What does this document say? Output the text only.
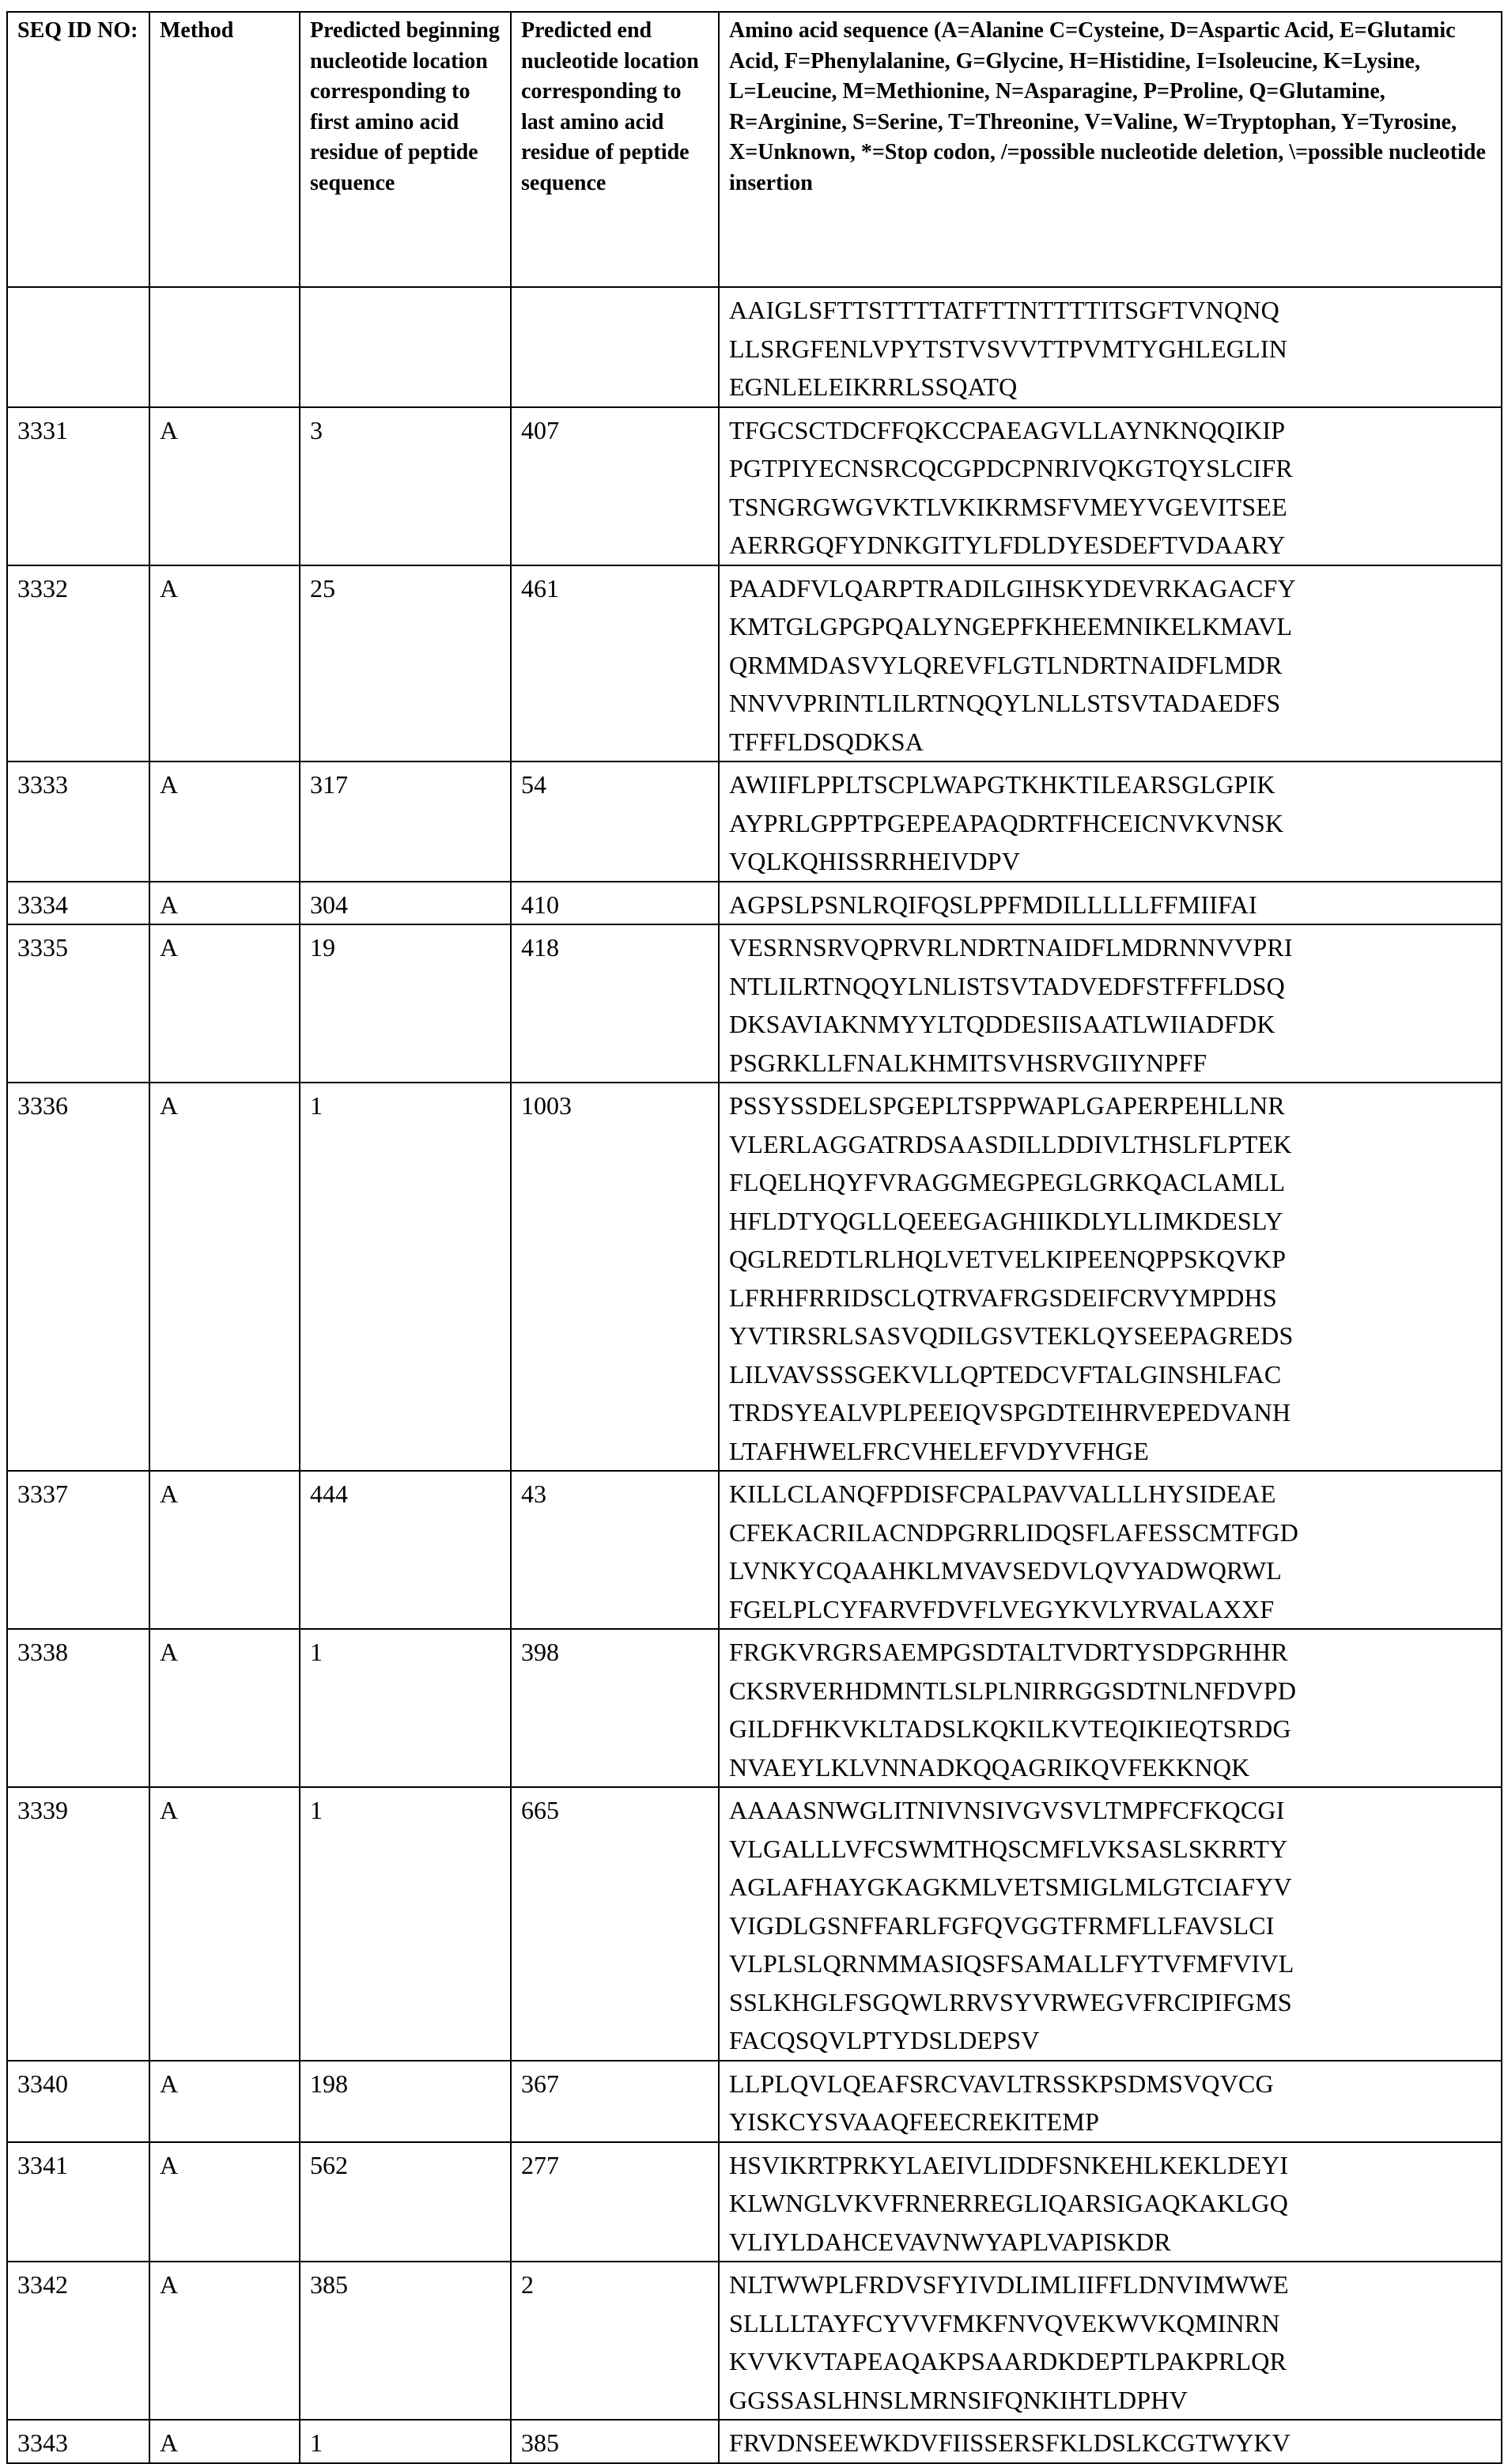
SEQ ID NO:	Method	Predicted beginning nucleotide location corresponding to first amino acid residue of peptide sequence	Predicted end nucleotide location corresponding to last amino acid residue of peptide sequence	Amino acid sequence (A=Alanine C=Cysteine, D=Aspartic Acid, E=Glutamic Acid, F=Phenylalanine, G=Glycine, H=Histidine, I=Isoleucine, K=Lysine, L=Leucine, M=Methionine, N=Asparagine, P=Proline, Q=Glutamine, R=Arginine, S=Serine, T=Threonine, V=Valine, W=Tryptophan, Y=Tyrosine, X=Unknown, *=Stop codon, /=possible nucleotide deletion, \=possible nucleotide insertion

				AAIGLSFTTSTTTTATFTTNTTTTITSGFTVNQNQ
LLSRGFENLVPYTSTVSVVTTPVMTYGHLEGLIN
EGNLELEIKRRLSSQATQ

3331	A	3	407	TFGCSCTDCFFQKCCPAEAGVLLAYNKNQQIKIP
PGTPIYECNSRCQCGPDCPNRIVQKGTQYSLCIFR
TSNGRGWGVKTLVKIKRMSFVMEYVGEVITSEE
AERRGQFYDNKGITYLFDLDYESDEFTVDAARY

3332	A	25	461	PAADFVLQARPTRADILGIHSKYDEVRKAGACFY
KMTGLGPGPQALYNGEPFKHEEMNIKELKMAVL
QRMMDASVYLQREVFLGTLNDRTNAIDFLMDR
NNVVPRINTLILRTNQQYLNLLSTSVTADAEDFS
TFFFLDSQDKSA

3333	A	317	54	AWIIFLPPLTSCPLWAPGTKHKTILEARSGLGPIK
AYPRLGPPTPGEPEAPAQDRTFHCEICNVKVNSK
VQLKQHISSRRHEIVDPV

3334	A	304	410	AGPSLPSNLRQIFQSLPPFMDILLLLLFFMIIFAI

3335	A	19	418	VESRNSRVQPRVRLNDRTNAIDFLMDRNNVVPRI
NTLILRTNQQYLNLISTSVTADVEDFSTFFFLDSQ
DKSAVIAKNMYYLTQDDESIISAATLWIIADFDK
PSGRKLLFNALKHMITSVHSRVGIIYNPFF

3336	A	1	1003	PSSYSSDELSPGEPLTSPPWAPLGAPERPEHLLNR
VLERLAGGATRDSAASDILLDDIVLTHSLFLPTEK
FLQELHQYFVRAGGMEGPEGLGRKQACLAMLL
HFLDTYQGLLQEEEGAGHIIKDLYLLIMKDESLY
QGLREDTLRLHQLVETVELKIPEENQPPSKQVKP
LFRHFRRIDSCLQTRVAFRGSDEIFCRVYMPDHS
YVTIRSRLSASVQDILGSVTEKLQYSEEPAGREDS
LILVAVSSSGEKVLLQPTEDCVFTALGINSHLFAC
TRDSYEALVPLPEEIQVSPGDTEIHRVEPEDVANH
LTAFHWELFRCVHELEFVDYVFHGE

3337	A	444	43	KILLCLANQFPDISFCPALPAVVALLLHYSIDEAE
CFEKACRILACNDPGRRLIDQSFLAFESSCMTFGD
LVNKYCQAAHKLMVAVSEDVLQVYADWQRWL
FGELPLCYFARVFDVFLVEGYKVLYRVALAXXF

3338	A	1	398	FRGKVRGRSAEMPGSDTALTVDRTYSDPGRHHR
CKSRVERHDMNTLSLPLNIRRGGSDTNLNFDVPD
GILDFHKVKLTADSLKQKILKVTEQIKIEQTSRDG
NVAEYLKLVNNADKQQAGRIKQVFEKKNQK

3339	A	1	665	AAAASNWGLITNIVNSIVGVSVLTMPFCFKQCGI
VLGALLLVFCSWMTHQSCMFLVKSASLSKRRTY
AGLAFHAYGKAGKMLVETSMIGLMLGTCIAFYV
VIGDLGSNFFARLFGFQVGGTFRMFLLFAVSLCI
VLPLSLQRNMMASIQSFSAMALLFYTVFMFVIVL
SSLKHGLFSGQWLRRVSYVRWEGVFRCIPIFGMS
FACQSQVLPTYDSLDEPSV

3340	A	198	367	LLPLQVLQEAFSRCVAVLTRSSKPSDMSVQVCG
YISKCYSVAAQFEECREKITEMP

3341	A	562	277	HSVIKRTPRKYLAEIVLIDDFSNKEHLKEKLDEYI
KLWNGLVKVFRNERREGLIQARSIGAQKAKLGQ
VLIYLDAHCEVAVNWYAPLVAPISKDR

3342	A	385	2	NLTWWPLFRDVSFYIVDLIMLIIFFLDNVIMWWE
SLLLLTAYFCYVVFMKFNVQVEKWVKQMINRN
KVVKVTAPEAQAKPSAARDKDEPTLPAKPRLQR
GGSSASLHNSLMRNSIFQNKIHTLDPHV

3343	A	1	385	FRVDNSEEWKDVFIISSERSFKLDSLKCGTWYKV
